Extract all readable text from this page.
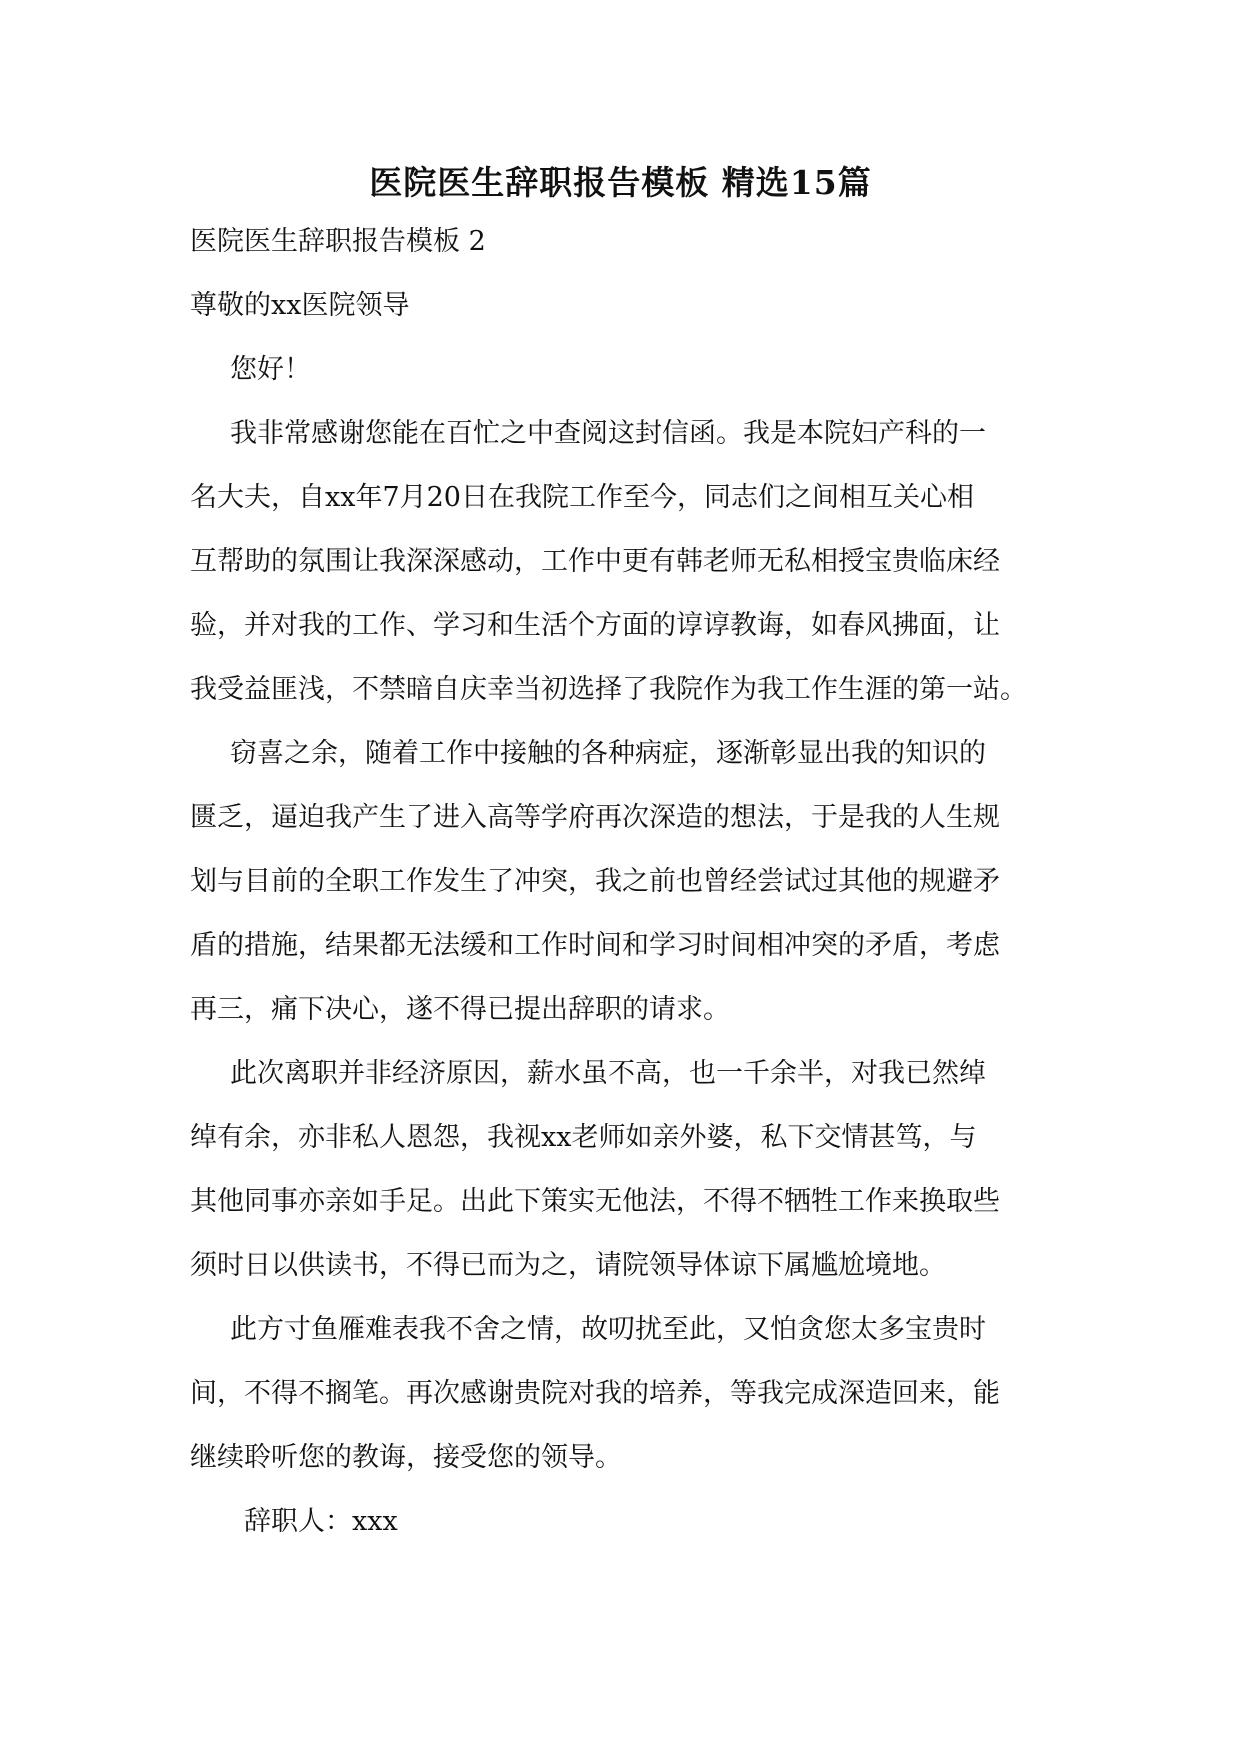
医院医生辞职报告模板 精选15篇

医院医生辞职报告模板 2

尊敬的xx医院领导

您好！

我非常感谢您能在百忙之中查阅这封信函。我是本院妇产科的一
名大夫，自xx年7月20日在我院工作至今，同志们之间相互关心相
互帮助的氛围让我深深感动，工作中更有韩老师无私相授宝贵临床经
验，并对我的工作、学习和生活个方面的谆谆教诲，如春风拂面，让
我受益匪浅，不禁暗自庆幸当初选择了我院作为我工作生涯的第一站。
窃喜之余，随着工作中接触的各种病症，逐渐彰显出我的知识的
匮乏，逼迫我产生了进入高等学府再次深造的想法，于是我的人生规
划与目前的全职工作发生了冲突，我之前也曾经尝试过其他的规避矛
盾的措施，结果都无法缓和工作时间和学习时间相冲突的矛盾，考虑
再三，痛下决心，遂不得已提出辞职的请求。
此次离职并非经济原因，薪水虽不高，也一千余半，对我已然绰
绰有余，亦非私人恩怨，我视xx老师如亲外婆，私下交情甚笃，与
其他同事亦亲如手足。出此下策实无他法，不得不牺牲工作来换取些
须时日以供读书，不得已而为之，请院领导体谅下属尴尬境地。
此方寸鱼雁难表我不舍之情，故叨扰至此，又怕贪您太多宝贵时
间，不得不搁笔。再次感谢贵院对我的培养，等我完成深造回来，能
继续聆听您的教诲，接受您的领导。

辞职人：xxx
